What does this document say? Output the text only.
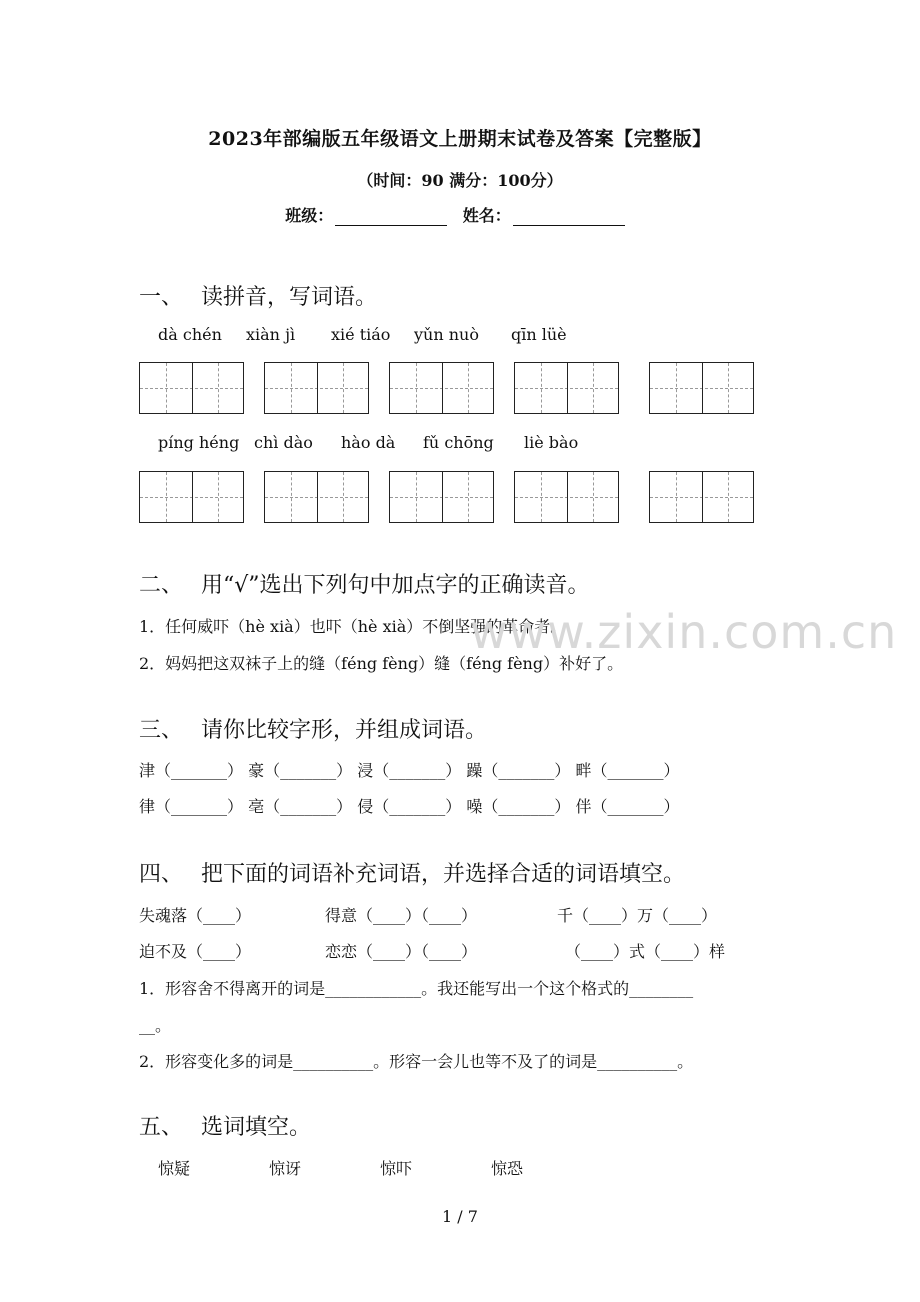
2023年部编版五年级语文上册期末试卷及答案【完整版】
（时间：90 满分：100分）
班级：	姓名：
一、 读拼音，写词语。
dà chén xiàn jì xié tiáo yǔn nuò qīn lüè
píng héng chì dào hào dà fǔ chōng liè bào
二、 用“√”选出下列句中加点字的正确读音。
1．任何威吓（hè xià）也吓（hè xià）不倒坚强的革命者。
2．妈妈把这双袜子上的缝（féng fèng）缝（féng fèng）补好了。
www.zixin.com.cn
三、 请你比较字形，并组成词语。
津（_______） 豪（_______） 浸（_______） 躁（_______） 畔（_______）
律（_______） 亳（_______） 侵（_______） 噪（_______） 伴（_______）
四、 把下面的词语补充词语，并选择合适的词语填空。
失魂落（____）	得意（____）（____）	千（____）万（____）
迫不及（____）	恋恋（____）（____）	（____）式（____）样
1．形容舍不得离开的词是____________。我还能写出一个这个格式的________
__。
2．形容变化多的词是__________。形容一会儿也等不及了的词是__________。
五、 选词填空。
惊疑	惊讶	惊吓	惊恐
1 / 7
